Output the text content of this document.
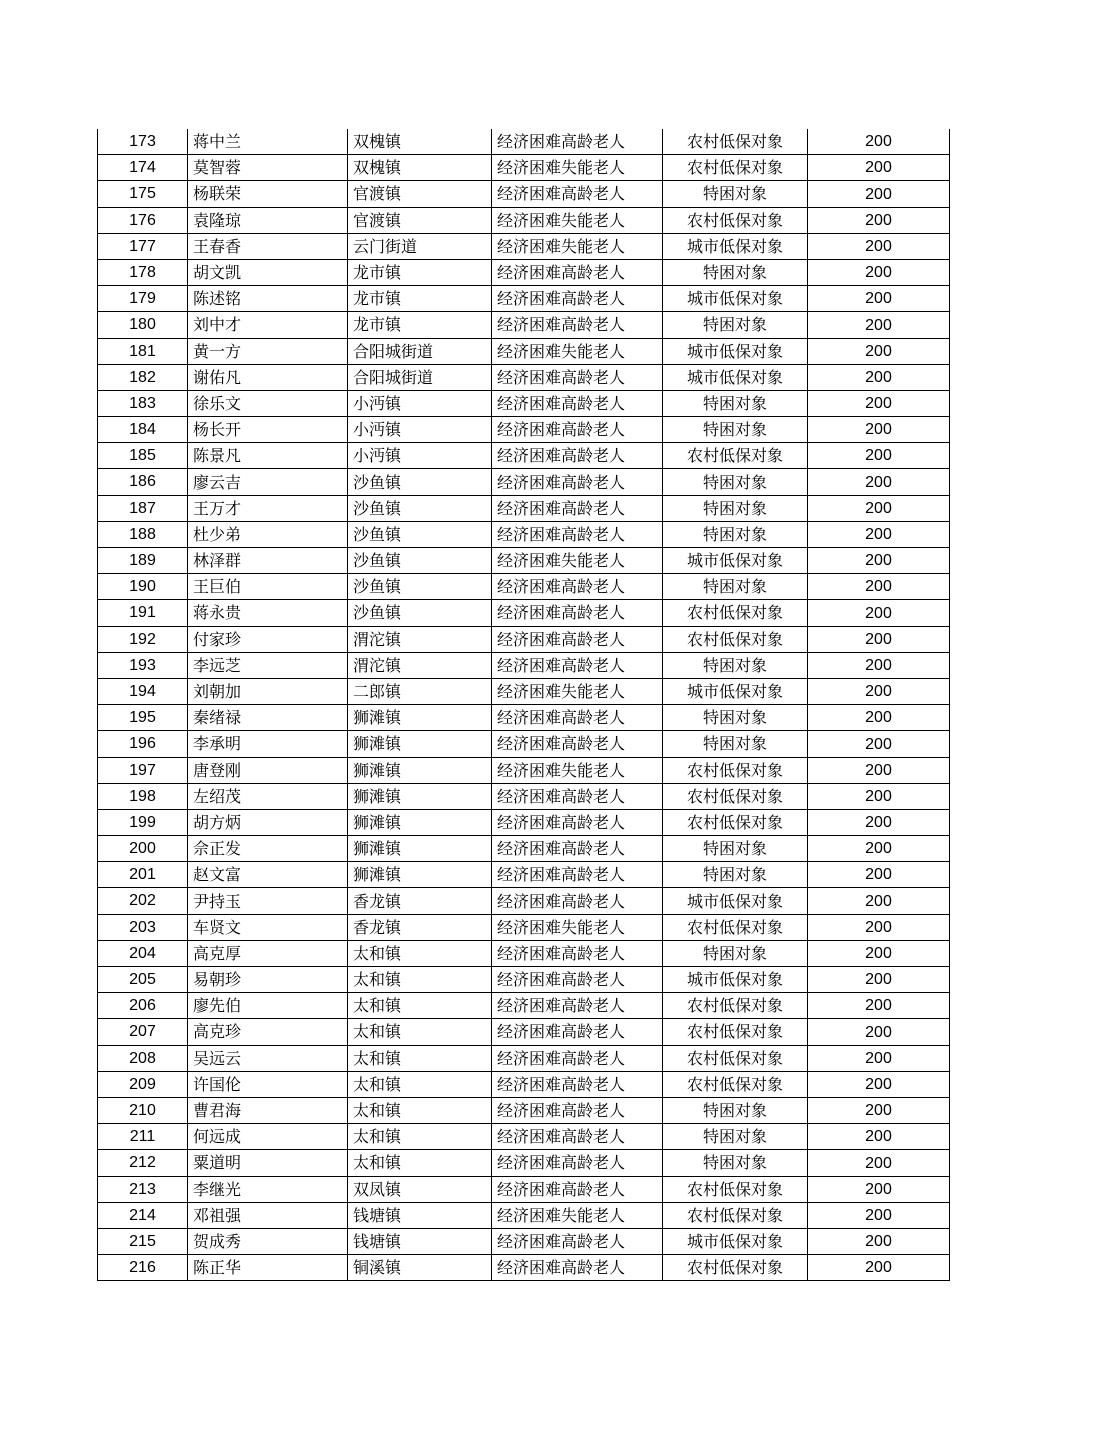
173	蒋中兰	双槐镇	经济困难高龄老人	农村低保对象	200
174	莫智蓉	双槐镇	经济困难失能老人	农村低保对象	200
175	杨联荣	官渡镇	经济困难高龄老人	特困对象	200
176	袁隆琼	官渡镇	经济困难失能老人	农村低保对象	200
177	王春香	云门街道	经济困难失能老人	城市低保对象	200
178	胡文凯	龙市镇	经济困难高龄老人	特困对象	200
179	陈述铭	龙市镇	经济困难高龄老人	城市低保对象	200
180	刘中才	龙市镇	经济困难高龄老人	特困对象	200
181	黄一方	合阳城街道	经济困难失能老人	城市低保对象	200
182	谢佑凡	合阳城街道	经济困难高龄老人	城市低保对象	200
183	徐乐文	小沔镇	经济困难高龄老人	特困对象	200
184	杨长开	小沔镇	经济困难高龄老人	特困对象	200
185	陈景凡	小沔镇	经济困难高龄老人	农村低保对象	200
186	廖云吉	沙鱼镇	经济困难高龄老人	特困对象	200
187	王万才	沙鱼镇	经济困难高龄老人	特困对象	200
188	杜少弟	沙鱼镇	经济困难高龄老人	特困对象	200
189	林泽群	沙鱼镇	经济困难失能老人	城市低保对象	200
190	王巨伯	沙鱼镇	经济困难高龄老人	特困对象	200
191	蒋永贵	沙鱼镇	经济困难高龄老人	农村低保对象	200
192	付家珍	渭沱镇	经济困难高龄老人	农村低保对象	200
193	李远芝	渭沱镇	经济困难高龄老人	特困对象	200
194	刘朝加	二郎镇	经济困难失能老人	城市低保对象	200
195	秦绪禄	狮滩镇	经济困难高龄老人	特困对象	200
196	李承明	狮滩镇	经济困难高龄老人	特困对象	200
197	唐登刚	狮滩镇	经济困难失能老人	农村低保对象	200
198	左绍茂	狮滩镇	经济困难高龄老人	农村低保对象	200
199	胡方炳	狮滩镇	经济困难高龄老人	农村低保对象	200
200	佘正发	狮滩镇	经济困难高龄老人	特困对象	200
201	赵文富	狮滩镇	经济困难高龄老人	特困对象	200
202	尹持玉	香龙镇	经济困难高龄老人	城市低保对象	200
203	车贤文	香龙镇	经济困难失能老人	农村低保对象	200
204	高克厚	太和镇	经济困难高龄老人	特困对象	200
205	易朝珍	太和镇	经济困难高龄老人	城市低保对象	200
206	廖先伯	太和镇	经济困难高龄老人	农村低保对象	200
207	高克珍	太和镇	经济困难高龄老人	农村低保对象	200
208	吴远云	太和镇	经济困难高龄老人	农村低保对象	200
209	许国伦	太和镇	经济困难高龄老人	农村低保对象	200
210	曹君海	太和镇	经济困难高龄老人	特困对象	200
211	何远成	太和镇	经济困难高龄老人	特困对象	200
212	粟道明	太和镇	经济困难高龄老人	特困对象	200
213	李继光	双凤镇	经济困难高龄老人	农村低保对象	200
214	邓祖强	钱塘镇	经济困难失能老人	农村低保对象	200
215	贺成秀	钱塘镇	经济困难高龄老人	城市低保对象	200
216	陈正华	铜溪镇	经济困难高龄老人	农村低保对象	200
